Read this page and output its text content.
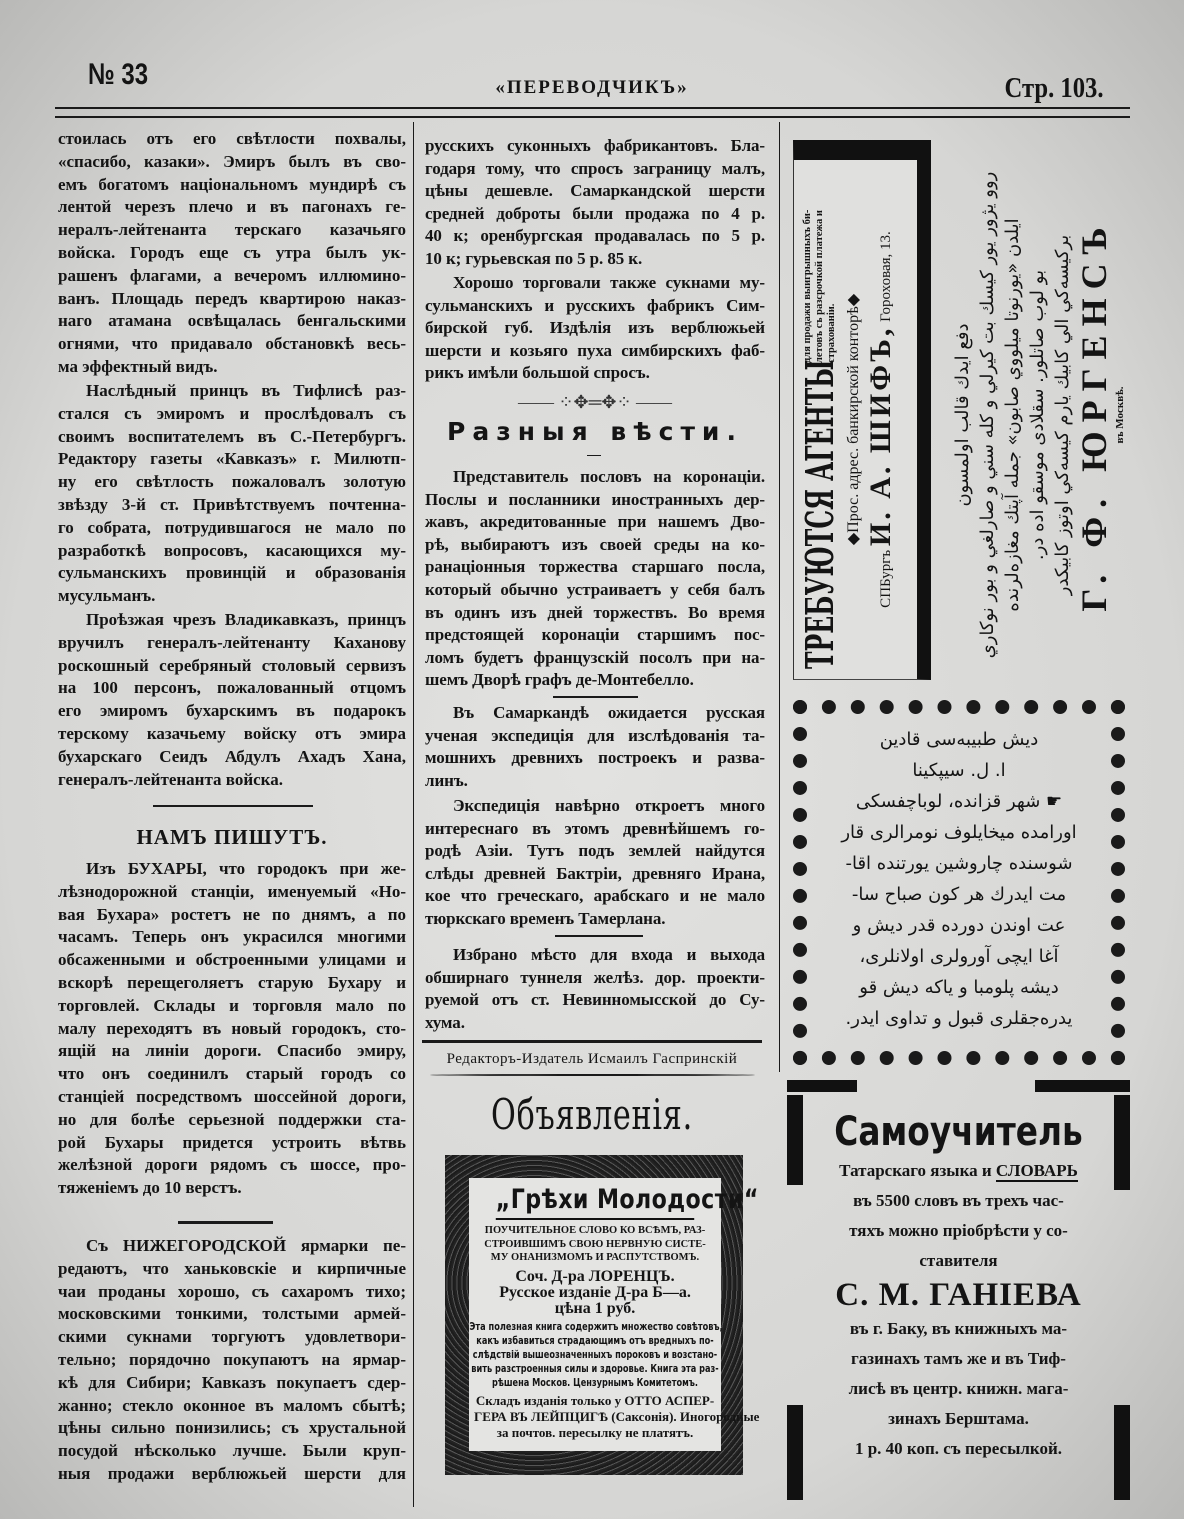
№ 33	«ПЕРЕВОДЧИКЪ»	Стр. 103.
стоилась отъ его свѣтлости похвалы,
«спасибо, казаки». Эмиръ былъ въ сво-
емъ богатомъ національномъ мундирѣ съ
лентой черезъ плечо и въ пагонахъ ге-
нералъ-лейтенанта терскаго казачьяго
войска. Городъ еще съ утра былъ ук-
рашенъ флагами, а вечеромъ иллюмино-
ванъ. Площадь передъ квартирою наказ-
наго атамана освѣщалась бенгальскими
огнями, что придавало обстановкѣ весь-
ма эффектный видъ.
Наслѣдный принцъ въ Тифлисѣ раз-
стался съ эмиромъ и прослѣдовалъ съ
своимъ воспитателемъ въ С.-Петербургъ.
Редактору газеты «Кавказъ» г. Милютп-
ну его свѣтлость пожаловалъ золотую
звѣзду 3-й ст. Привѣтствуемъ почтенна-
го собрата, потрудившагося не мало по
разработкѣ вопросовъ, касающихся му-
сульманскихъ провинцій и образованія
мусульманъ.
Проѣзжая чрезъ Владикавказъ, принцъ
вручилъ генералъ-лейтенанту Каханову
роскошный серебряный столовый сервизъ
на 100 персонъ, пожалованный отцомъ
его эмиромъ бухарскимъ въ подарокъ
терскому казачьему войску отъ эмира
бухарскаго Сеидъ Абдулъ Ахадъ Хана,
генералъ-лейтенанта войска.
НАМЪ ПИШУТЪ.
Изъ БУХАРЫ, что городокъ при же-
лѣзнодорожной станціи, именуемый «Но-
вая Бухара» ростетъ не по днямъ, а по
часамъ. Теперь онъ украсился многими
обсаженными и обстроенными улицами и
вскорѣ перещеголяетъ старую Бухару и
торговлей. Склады и торговля мало по
малу переходятъ въ новый городокъ, сто-
ящій на линіи дороги. Спасибо эмиру,
что онъ соединилъ старый городъ со
станціей посредствомъ шоссейной дороги,
но для болѣе серьезной поддержки ста-
рой Бухары придется устроить вѣтвь
желѣзной дороги рядомъ съ шоссе, про-
тяженіемъ до 10 верстъ.
Съ НИЖЕГОРОДСКОЙ ярмарки пе-
редаютъ, что ханьковскіе и кирпичные
чаи проданы хорошо, съ сахаромъ тихо;
московскими тонкими, толстыми армей-
скими сукнами торгуютъ удовлетвори-
тельно; порядочно покупаютъ на ярмар-
кѣ для Сибири; Кавказъ покупаетъ сдер-
жанно; стекло оконное въ маломъ сбытѣ;
цѣны сильно понизились; съ хрустальной
посудой нѣсколько лучше. Были круп-
ныя продажи верблюжьей шерсти для
русскихъ суконныхъ фабрикантовъ. Бла-
годаря тому, что спросъ заграницу малъ,
цѣны дешевле. Самаркандской шерсти
средней доброты были продажа по 4 р.
40 к; оренбургская продавалась по 5 р.
10 к; гурьевская по 5 р. 85 к.
Хорошо торговали также сукнами му-
сульманскихъ и русскихъ фабрикъ Сим-
бирской губ. Издѣлія изъ верблюжьей
шерсти и козьяго пуха симбирскихъ фаб-
рикъ имѣли большой спросъ.
—— ⁘✥═✥⁘ ——
Разныя вѣсти.
Представитель пословъ на коронаціи.
Послы и посланники иностранныхъ дер-
жавъ, акредитованные при нашемъ Дво-
рѣ, выбираютъ изъ своей среды на ко-
ранаціонныя торжества старшаго посла,
который обычно устраиваетъ у себя балъ
въ одинъ изъ дней торжествъ. Во время
предстоящей коронаціи старшимъ пос-
ломъ будетъ французскій посолъ при на-
шемъ Дворѣ графъ де-Монтебелло.
Въ Самаркандѣ ожидается русская
ученая экспедиція для изслѣдованія та-
мошнихъ древнихъ построекъ и разва-
линъ.
Экспедиція навѣрно откроетъ много
интереснаго въ этомъ древнѣйшемъ го-
родѣ Азіи. Тутъ подъ землей найдутся
слѣды древней Бактріи, древняго Ирана,
кое что греческаго, арабскаго и не мало
тюркскаго временъ Тамерлана.
Избрано мѣсто для входа и выхода
обширнаго туннеля желѣз. дор. проекти-
руемой отъ ст. Невинномысской до Су-
хума.
Редакторъ-Издатель Исмаилъ Гаспринскій
Объявленія.
„Грѣхи Молодости“
ПОУЧИТЕЛЬНОЕ СЛОВО КО ВСѢМЪ, РАЗ-
СТРОИВШИМЪ СВОЮ НЕРВНУЮ СИСТЕ-
МУ ОНАНИЗМОМЪ И РАСПУТСТВОМЪ.
Соч. Д-ра ЛОРЕНЦЪ.
Русское изданіе Д-ра Б—а.
цѣна 1 руб.
Эта полезная книга содержитъ множество совѣтовъ,
какъ избавиться страдающимъ отъ вредныхъ по-
слѣдствій вышеозначенныхъ пороковъ и возстано-
вить разстроенныя силы и здоровье. Книга эта раз-
рѣшена Москов. Цензурнымъ Комитетомъ.
Складъ изданія только у ОТТО АСПЕР-
ГЕРА ВЪ ЛЕЙПЦИГѢ (Саксонія). Иногородные
за почтов. пересылку не платятъ.
ТРЕБУЮТСЯ АГЕНТЫ
для продажи выигрышныхъ би- летовъ съ разсрочкой платежа и страхованіи.
◆Прос. адрес. банкирской конторѣ◆
СПБургъ И. А. ШИФЪ, Гороховая, 13.
دفع ايدك قالب اولمسون روو يژور يور كيسك بت كيرلي و كله سني و صارلغي و بور نوكاري ايلدن «يورنوتا ميلووي صابون» جمله آپتك مغازه‌لرنده بو لوب صاتلور. سقلادی موسقو اده در. بركيسه‌كي الي كابيك يارم كيسه‌كي اوتوز كابيكدر Г. Ф. ЮРГЕНСЪ въ Москвѣ.
ديش طبيبه‌سى قادين
ا. ل. سيپكينا
☛ شهر قزانده، لوباچفسكى
اورامده ميخايلوف نومرالرى قار
شوسنده چاروشين يورتنده اقا-
مت ايدرك هر كون صباح سا-
عت اوندن دورده قدر ديش و
آغا ايچى آورولرى اولانلرى،
ديشه پلومبا و ياكه ديش قو
يدره‌جقلرى قبول و تداوى ايدر.
Самоучитель
Татарскаго языка и СЛОВАРЬ
въ 5500 словъ въ трехъ час-
тяхъ можно пріобрѣсти у со-
ставителя
С. М. ГАНІЕВА
въ г. Баку, въ книжныхъ ма-
газинахъ тамъ же и въ Тиф-
лисѣ въ центр. книжн. мага-
зинахъ Берштама.
1 р. 40 коп. съ пересылкой.
